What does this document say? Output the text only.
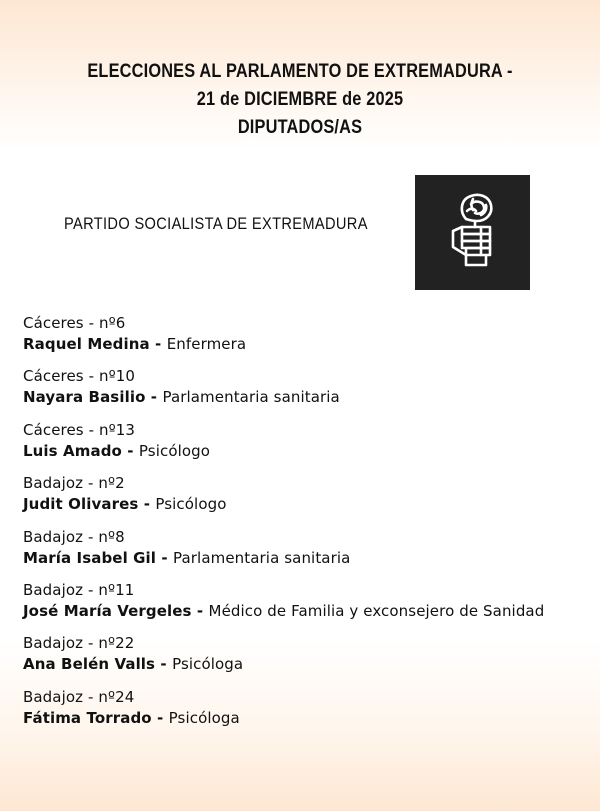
ELECCIONES AL PARLAMENTO DE EXTREMADURA -
21 de DICIEMBRE de 2025
DIPUTADOS/AS
PARTIDO SOCIALISTA DE EXTREMADURA
Cáceres - nº6
Raquel Medina - Enfermera
Cáceres - nº10
Nayara Basilio - Parlamentaria sanitaria
Cáceres - nº13
Luis Amado - Psicólogo
Badajoz - nº2
Judit Olivares - Psicólogo
Badajoz - nº8
María Isabel Gil - Parlamentaria sanitaria
Badajoz - nº11
José María Vergeles - Médico de Familia y exconsejero de Sanidad
Badajoz - nº22
Ana Belén Valls - Psicóloga
Badajoz - nº24
Fátima Torrado - Psicóloga
